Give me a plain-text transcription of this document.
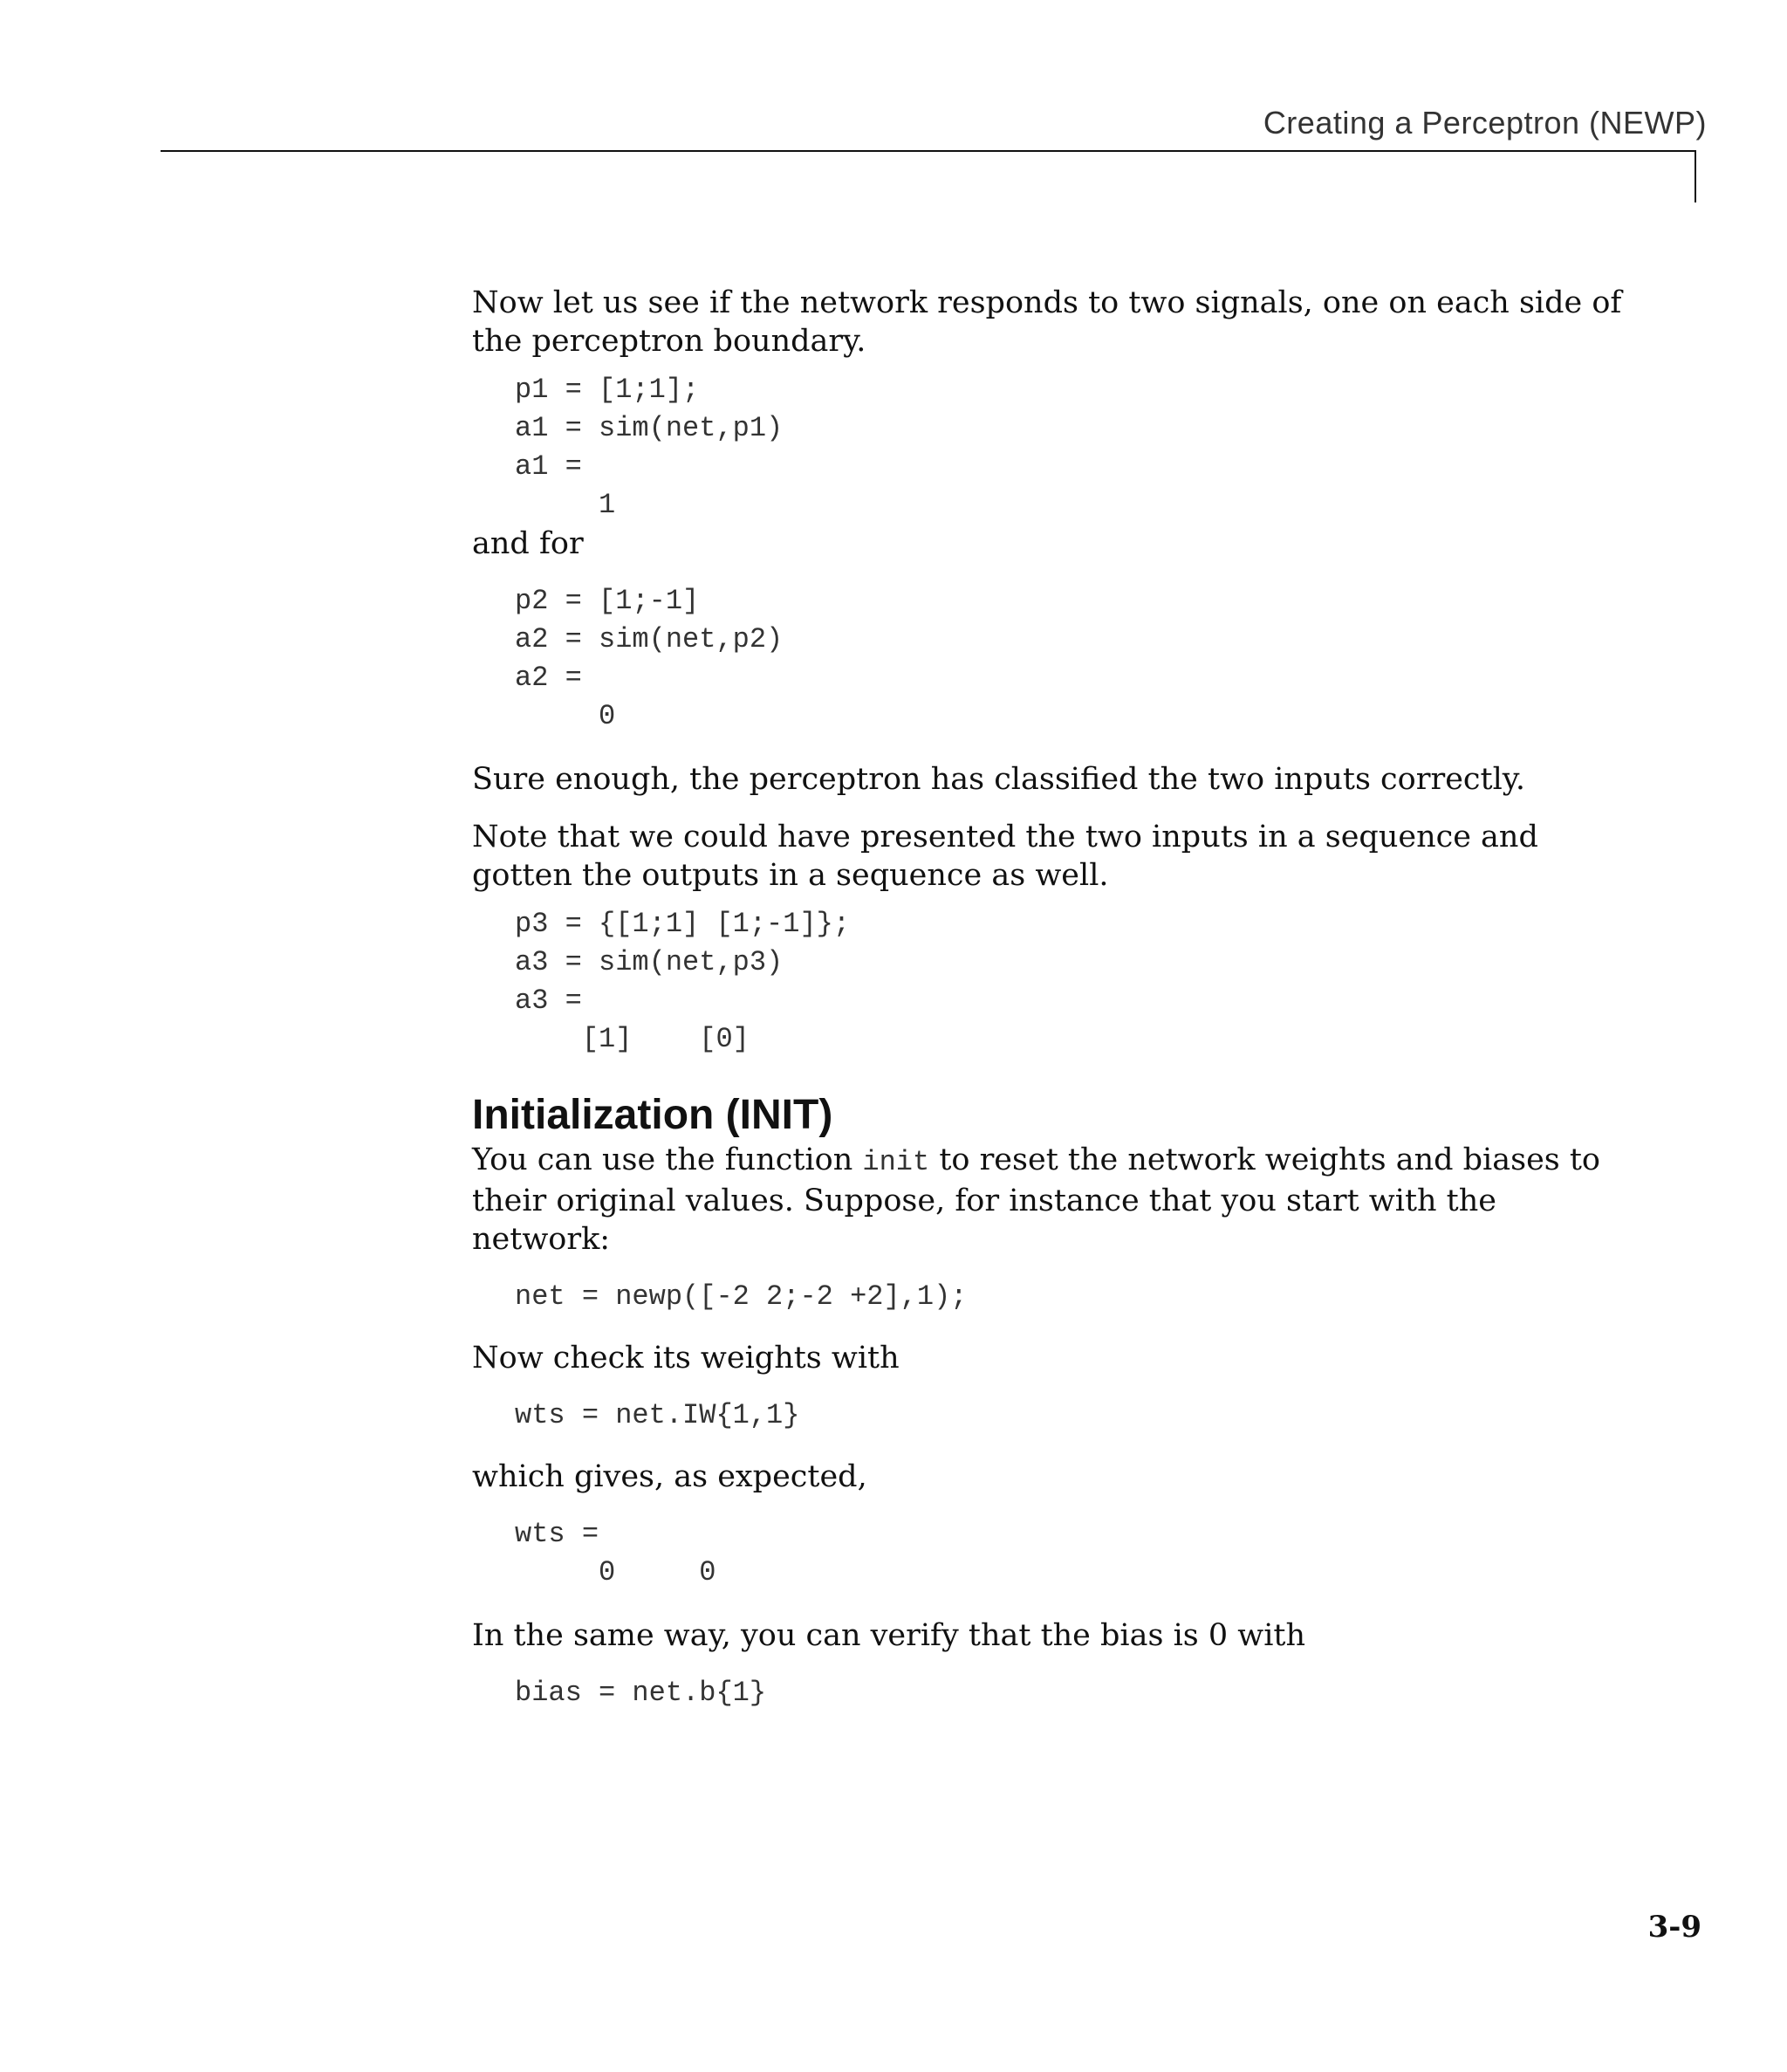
Creating a Perceptron (NEWP)

Now let us see if the network responds to two signals, one on each side of the perceptron boundary.

p1 = [1;1];
a1 = sim(net,p1)
a1 =
1

and for

p2 = [1;-1]
a2 = sim(net,p2)
a2 =
0

Sure enough, the perceptron has classified the two inputs correctly.

Note that we could have presented the two inputs in a sequence and gotten the outputs in a sequence as well.

p3 = {[1;1] [1;-1]};
a3 = sim(net,p3)
a3 =
[1]    [0]
Initialization (INIT)

You can use the function init to reset the network weights and biases to their original values. Suppose, for instance that you start with the network:

net = newp([-2 2;-2 +2],1);

Now check its weights with

wts = net.IW{1,1}

which gives, as expected,

wts =
0     0

In the same way, you can verify that the bias is 0 with

bias = net.b{1}
3-9
